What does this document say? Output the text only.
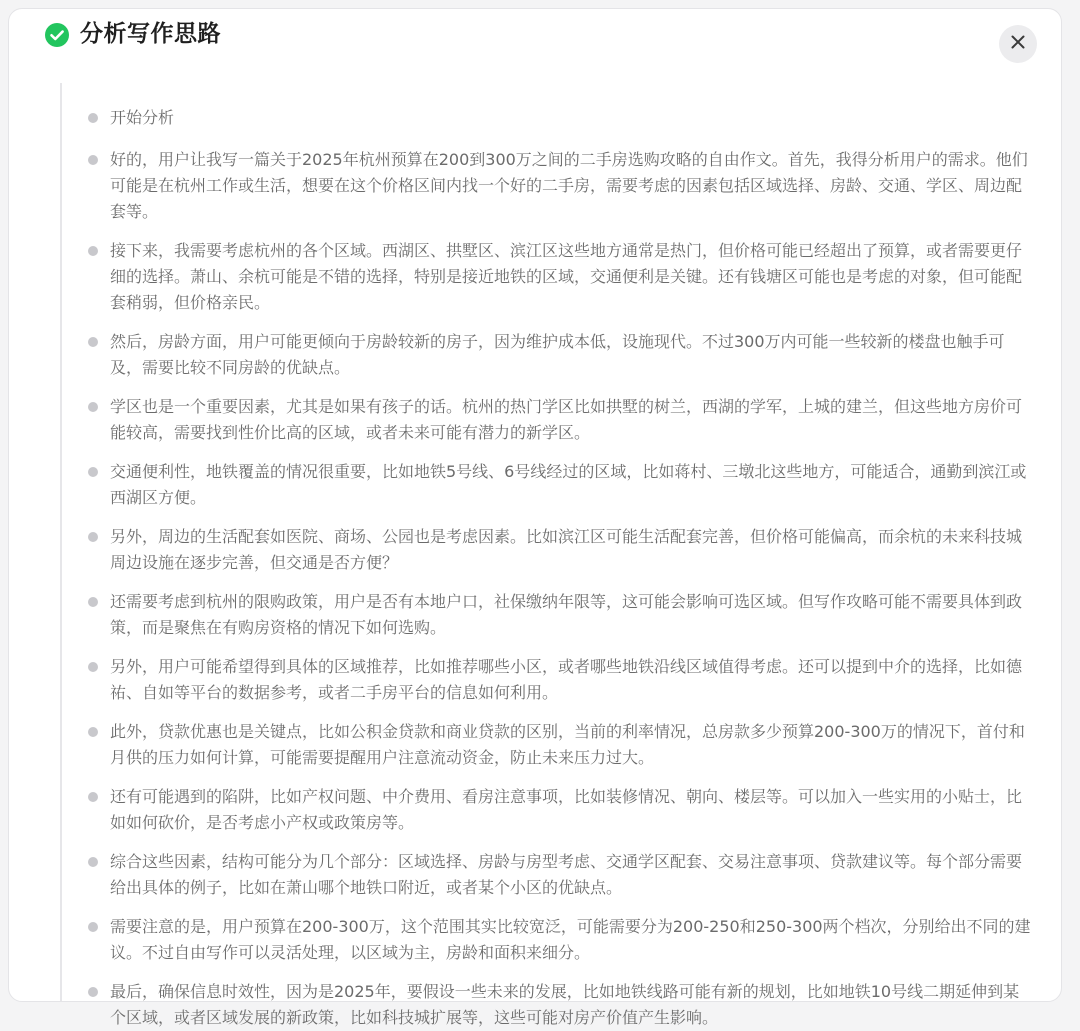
分析写作思路
开始分析
好的，用户让我写一篇关于2025年杭州预算在200到300万之间的二手房选购攻略的自由作文。首先，我得分析用户的需求。他们可能是在杭州工作或生活，想要在这个价格区间内找一个好的二手房，需要考虑的因素包括区域选择、房龄、交通、学区、周边配套等。
接下来，我需要考虑杭州的各个区域。西湖区、拱墅区、滨江区这些地方通常是热门，但价格可能已经超出了预算，或者需要更仔细的选择。萧山、余杭可能是不错的选择，特别是接近地铁的区域，交通便利是关键。还有钱塘区可能也是考虑的对象，但可能配套稍弱，但价格亲民。
然后，房龄方面，用户可能更倾向于房龄较新的房子，因为维护成本低，设施现代。不过300万内可能一些较新的楼盘也触手可及，需要比较不同房龄的优缺点。
学区也是一个重要因素，尤其是如果有孩子的话。杭州的热门学区比如拱墅的树兰，西湖的学军，上城的建兰，但这些地方房价可能较高，需要找到性价比高的区域，或者未来可能有潜力的新学区。
交通便利性，地铁覆盖的情况很重要，比如地铁5号线、6号线经过的区域，比如蒋村、三墩北这些地方，可能适合，通勤到滨江或西湖区方便。
另外，周边的生活配套如医院、商场、公园也是考虑因素。比如滨江区可能生活配套完善，但价格可能偏高，而余杭的未来科技城周边设施在逐步完善，但交通是否方便？
还需要考虑到杭州的限购政策，用户是否有本地户口，社保缴纳年限等，这可能会影响可选区域。但写作攻略可能不需要具体到政策，而是聚焦在有购房资格的情况下如何选购。
另外，用户可能希望得到具体的区域推荐，比如推荐哪些小区，或者哪些地铁沿线区域值得考虑。还可以提到中介的选择，比如德祐、自如等平台的数据参考，或者二手房平台的信息如何利用。
此外，贷款优惠也是关键点，比如公积金贷款和商业贷款的区别，当前的利率情况，总房款多少预算200-300万的情况下，首付和月供的压力如何计算，可能需要提醒用户注意流动资金，防止未来压力过大。
还有可能遇到的陷阱，比如产权问题、中介费用、看房注意事项，比如装修情况、朝向、楼层等。可以加入一些实用的小贴士，比如如何砍价，是否考虑小产权或政策房等。
综合这些因素，结构可能分为几个部分：区域选择、房龄与房型考虑、交通学区配套、交易注意事项、贷款建议等。每个部分需要给出具体的例子，比如在萧山哪个地铁口附近，或者某个小区的优缺点。
需要注意的是，用户预算在200-300万，这个范围其实比较宽泛，可能需要分为200-250和250-300两个档次，分别给出不同的建议。不过自由写作可以灵活处理，以区域为主，房龄和面积来细分。
最后，确保信息时效性，因为是2025年，要假设一些未来的发展，比如地铁线路可能有新的规划，比如地铁10号线二期延伸到某个区域，或者区域发展的新政策，比如科技城扩展等，这些可能对房产价值产生影响。
